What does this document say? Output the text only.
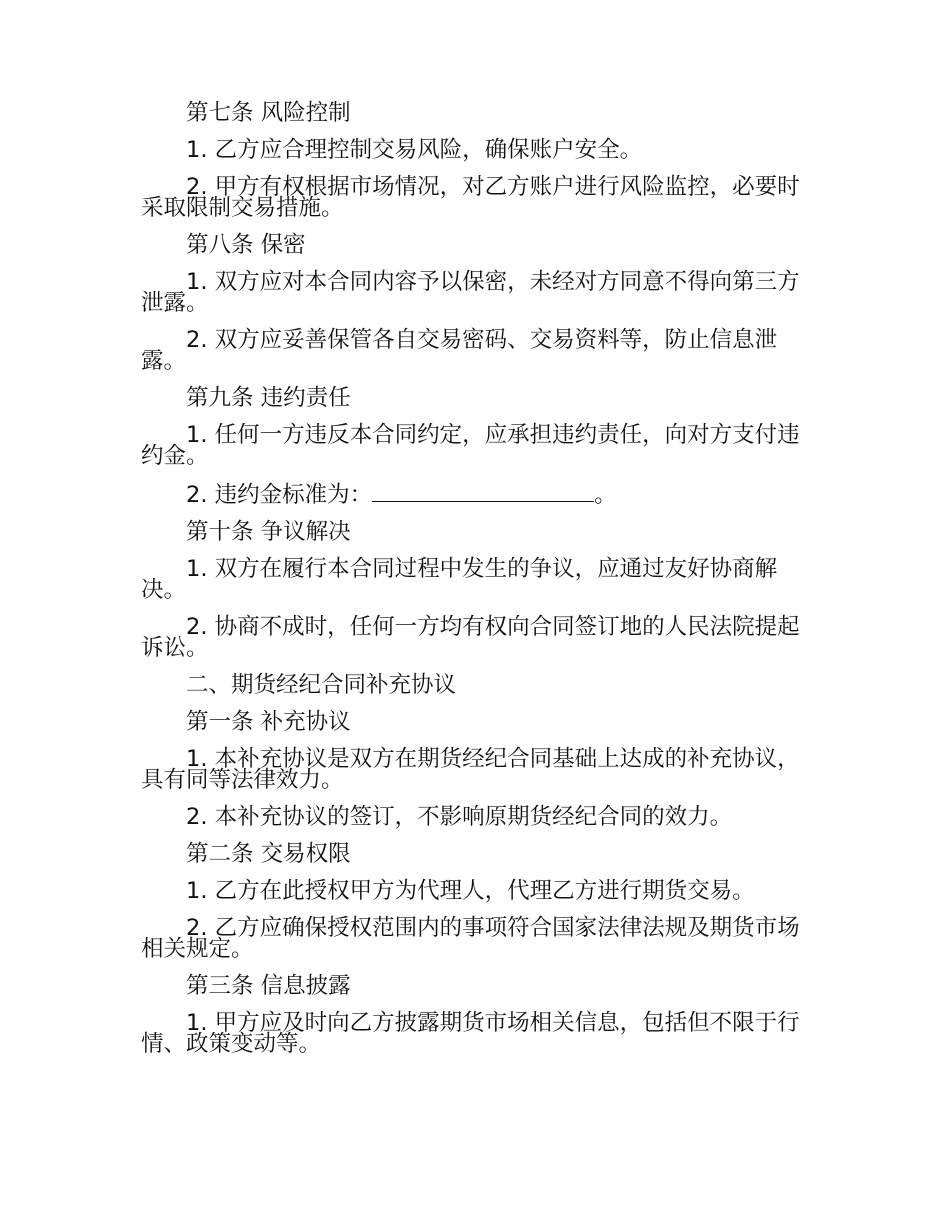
第七条 风险控制

1. 乙方应合理控制交易风险，确保账户安全。

2. 甲方有权根据市场情况，对乙方账户进行风险监控，必要时采取限制交易措施。

第八条 保密

1. 双方应对本合同内容予以保密，未经对方同意不得向第三方泄露。

2. 双方应妥善保管各自交易密码、交易资料等，防止信息泄露。

第九条 违约责任

1. 任何一方违反本合同约定，应承担违约责任，向对方支付违约金。

2. 违约金标准为：	。

第十条 争议解决

1. 双方在履行本合同过程中发生的争议，应通过友好协商解决。

2. 协商不成时，任何一方均有权向合同签订地的人民法院提起诉讼。

二、期货经纪合同补充协议

第一条 补充协议

1. 本补充协议是双方在期货经纪合同基础上达成的补充协议，具有同等法律效力。

2. 本补充协议的签订，不影响原期货经纪合同的效力。

第二条 交易权限

1. 乙方在此授权甲方为代理人，代理乙方进行期货交易。

2. 乙方应确保授权范围内的事项符合国家法律法规及期货市场相关规定。

第三条 信息披露

1. 甲方应及时向乙方披露期货市场相关信息，包括但不限于行情、政策变动等。
